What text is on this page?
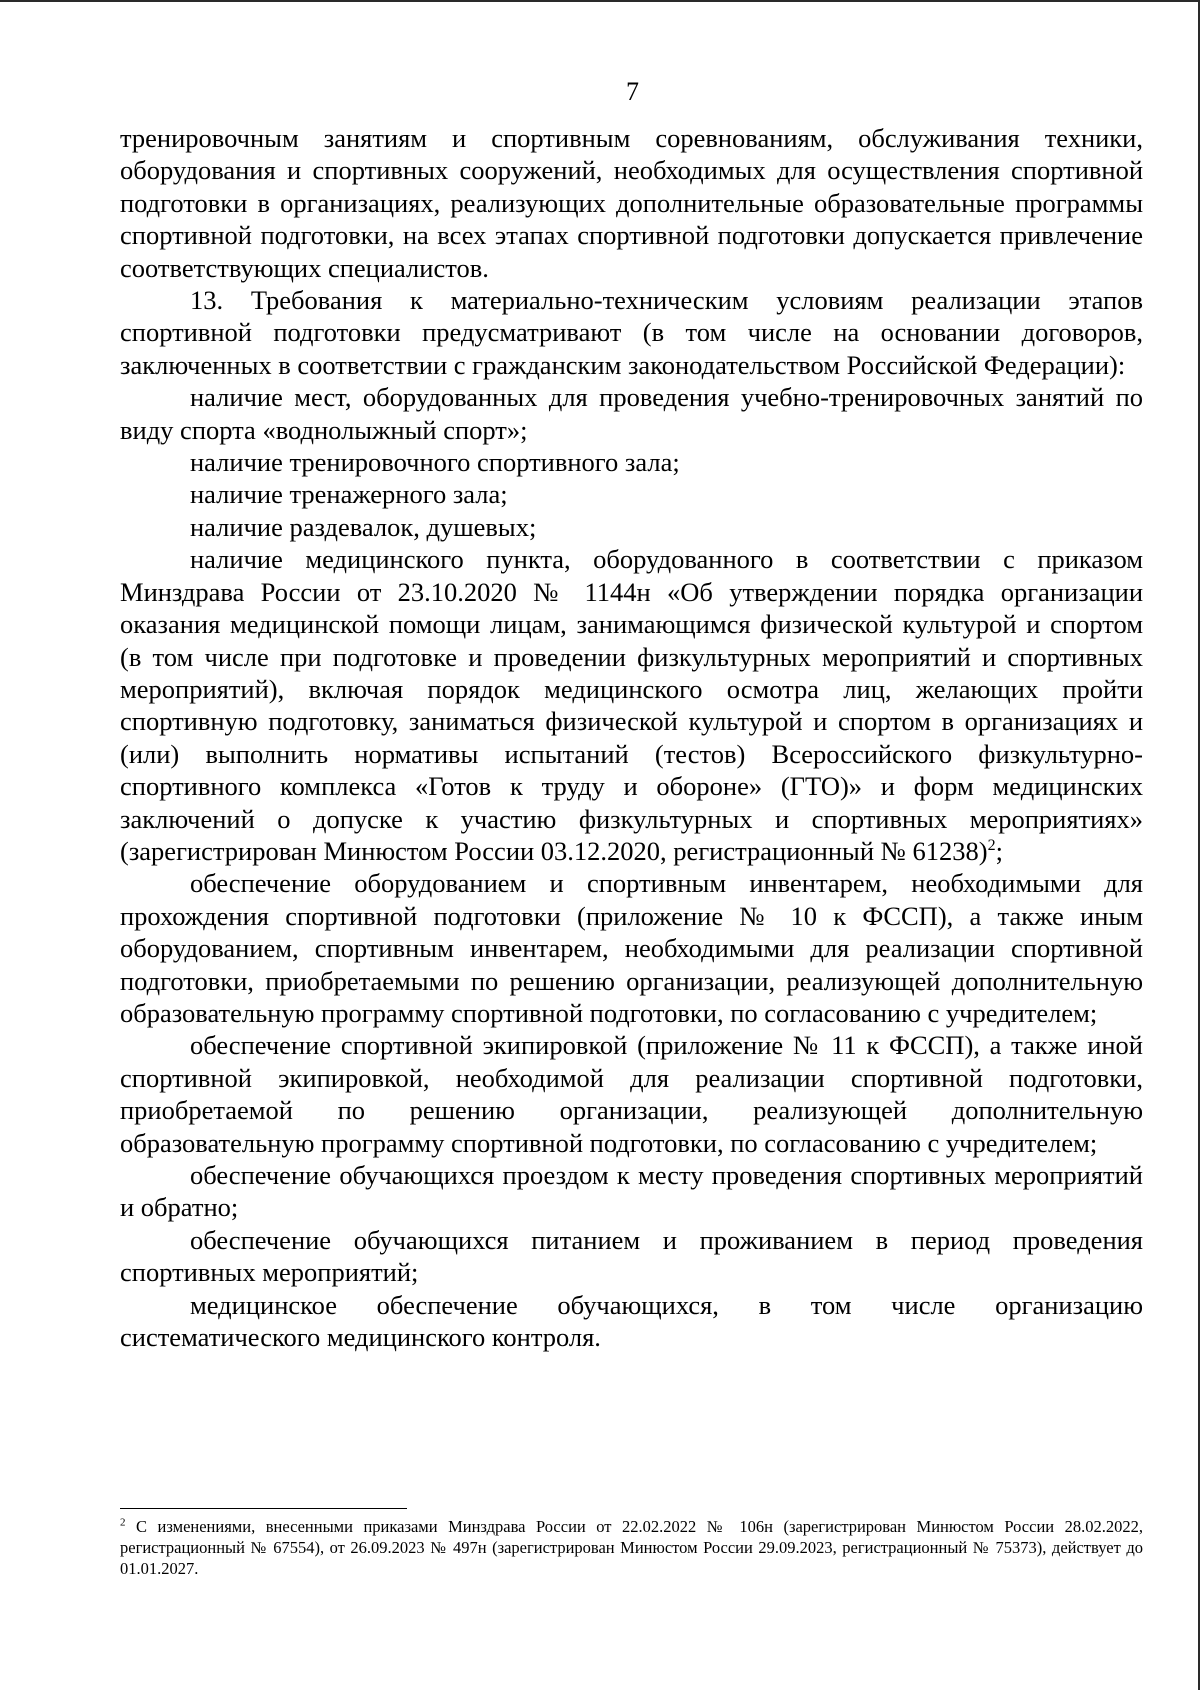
7

тренировочным занятиям и спортивным соревнованиям, обслуживания техники, оборудования и спортивных сооружений, необходимых для осуществления спортивной подготовки в организациях, реализующих дополнительные образовательные программы спортивной подготовки, на всех этапах спортивной подготовки допускается привлечение соответствующих специалистов.

13. Требования к материально-техническим условиям реализации этапов спортивной подготовки предусматривают (в том числе на основании договоров, заключенных в соответствии с гражданским законодательством Российской Федерации):

наличие мест, оборудованных для проведения учебно-тренировочных занятий по виду спорта «воднолыжный спорт»;

наличие тренировочного спортивного зала;

наличие тренажерного зала;

наличие раздевалок, душевых;

наличие медицинского пункта, оборудованного в соответствии с приказом Минздрава России от 23.10.2020 № 1144н «Об утверждении порядка организации оказания медицинской помощи лицам, занимающимся физической культурой и спортом (в том числе при подготовке и проведении физкультурных мероприятий и спортивных мероприятий), включая порядок медицинского осмотра лиц, желающих пройти спортивную подготовку, заниматься физической культурой и спортом в организациях и (или) выполнить нормативы испытаний (тестов) Всероссийского физкультурно-спортивного комплекса «Готов к труду и обороне» (ГТО)» и форм медицинских заключений о допуске к участию физкультурных и спортивных мероприятиях» (зарегистрирован Минюстом России 03.12.2020, регистрационный № 61238)$^2$;

обеспечение оборудованием и спортивным инвентарем, необходимыми для прохождения спортивной подготовки (приложение № 10 к ФССП), а также иным оборудованием, спортивным инвентарем, необходимыми для реализации спортивной подготовки, приобретаемыми по решению организации, реализующей дополнительную образовательную программу спортивной подготовки, по согласованию с учредителем;

обеспечение спортивной экипировкой (приложение № 11 к ФССП), а также иной спортивной экипировкой, необходимой для реализации спортивной подготовки, приобретаемой по решению организации, реализующей дополнительную образовательную программу спортивной подготовки, по согласованию с учредителем;

обеспечение обучающихся проездом к месту проведения спортивных мероприятий и обратно;

обеспечение обучающихся питанием и проживанием в период проведения спортивных мероприятий;

медицинское обеспечение обучающихся, в том числе организацию систематического медицинского контроля.

$^2$ С изменениями, внесенными приказами Минздрава России от 22.02.2022 № 106н (зарегистрирован Минюстом России 28.02.2022, регистрационный № 67554), от 26.09.2023 № 497н (зарегистрирован Минюстом России 29.09.2023, регистрационный № 75373), действует до 01.01.2027.
